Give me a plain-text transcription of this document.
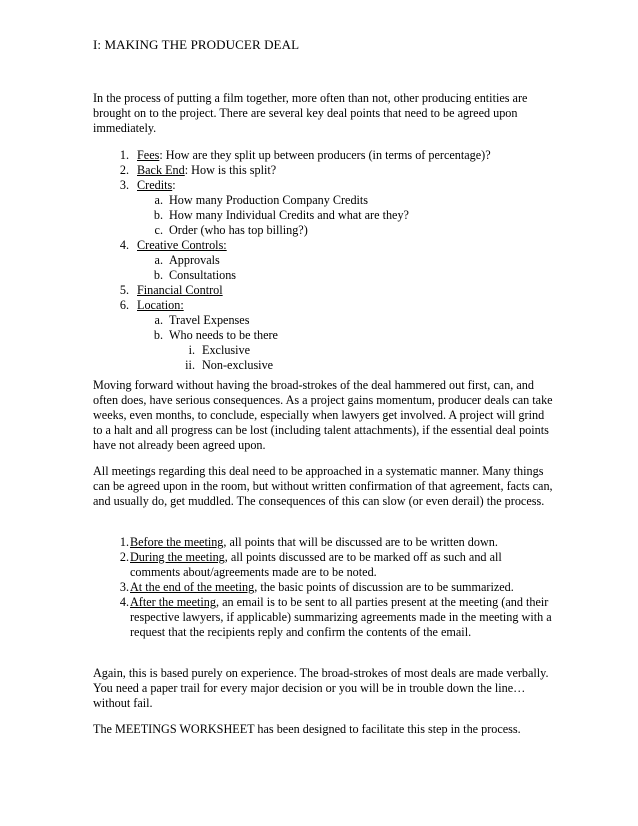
I: MAKING THE PRODUCER DEAL

In the process of putting a film together, more often than not, other producing entities are brought on to the project. There are several key deal points that need to be agreed upon immediately.

1. Fees: How are they split up between producers (in terms of percentage)?
2. Back End: How is this split?
3. Credits:
a. How many Production Company Credits
b. How many Individual Credits and what are they?
c. Order (who has top billing?)
4. Creative Controls:
a. Approvals
b. Consultations
5. Financial Control
6. Location:
a. Travel Expenses
b. Who needs to be there
i. Exclusive
ii. Non-exclusive

Moving forward without having the broad-strokes of the deal hammered out first, can, and often does, have serious consequences. As a project gains momentum, producer deals can take weeks, even months, to conclude, especially when lawyers get involved. A project will grind to a halt and all progress can be lost (including talent attachments), if the essential deal points have not already been agreed upon.

All meetings regarding this deal need to be approached in a systematic manner. Many things can be agreed upon in the room, but without written confirmation of that agreement, facts can, and usually do, get muddled. The consequences of this can slow (or even derail) the process.

1. Before the meeting, all points that will be discussed are to be written down.
2. During the meeting, all points discussed are to be marked off as such and all comments about/agreements made are to be noted.
3. At the end of the meeting, the basic points of discussion are to be summarized.
4. After the meeting, an email is to be sent to all parties present at the meeting (and their respective lawyers, if applicable) summarizing agreements made in the meeting with a request that the recipients reply and confirm the contents of the email.

Again, this is based purely on experience. The broad-strokes of most deals are made verbally. You need a paper trail for every major decision or you will be in trouble down the line…without fail.

The MEETINGS WORKSHEET has been designed to facilitate this step in the process.
